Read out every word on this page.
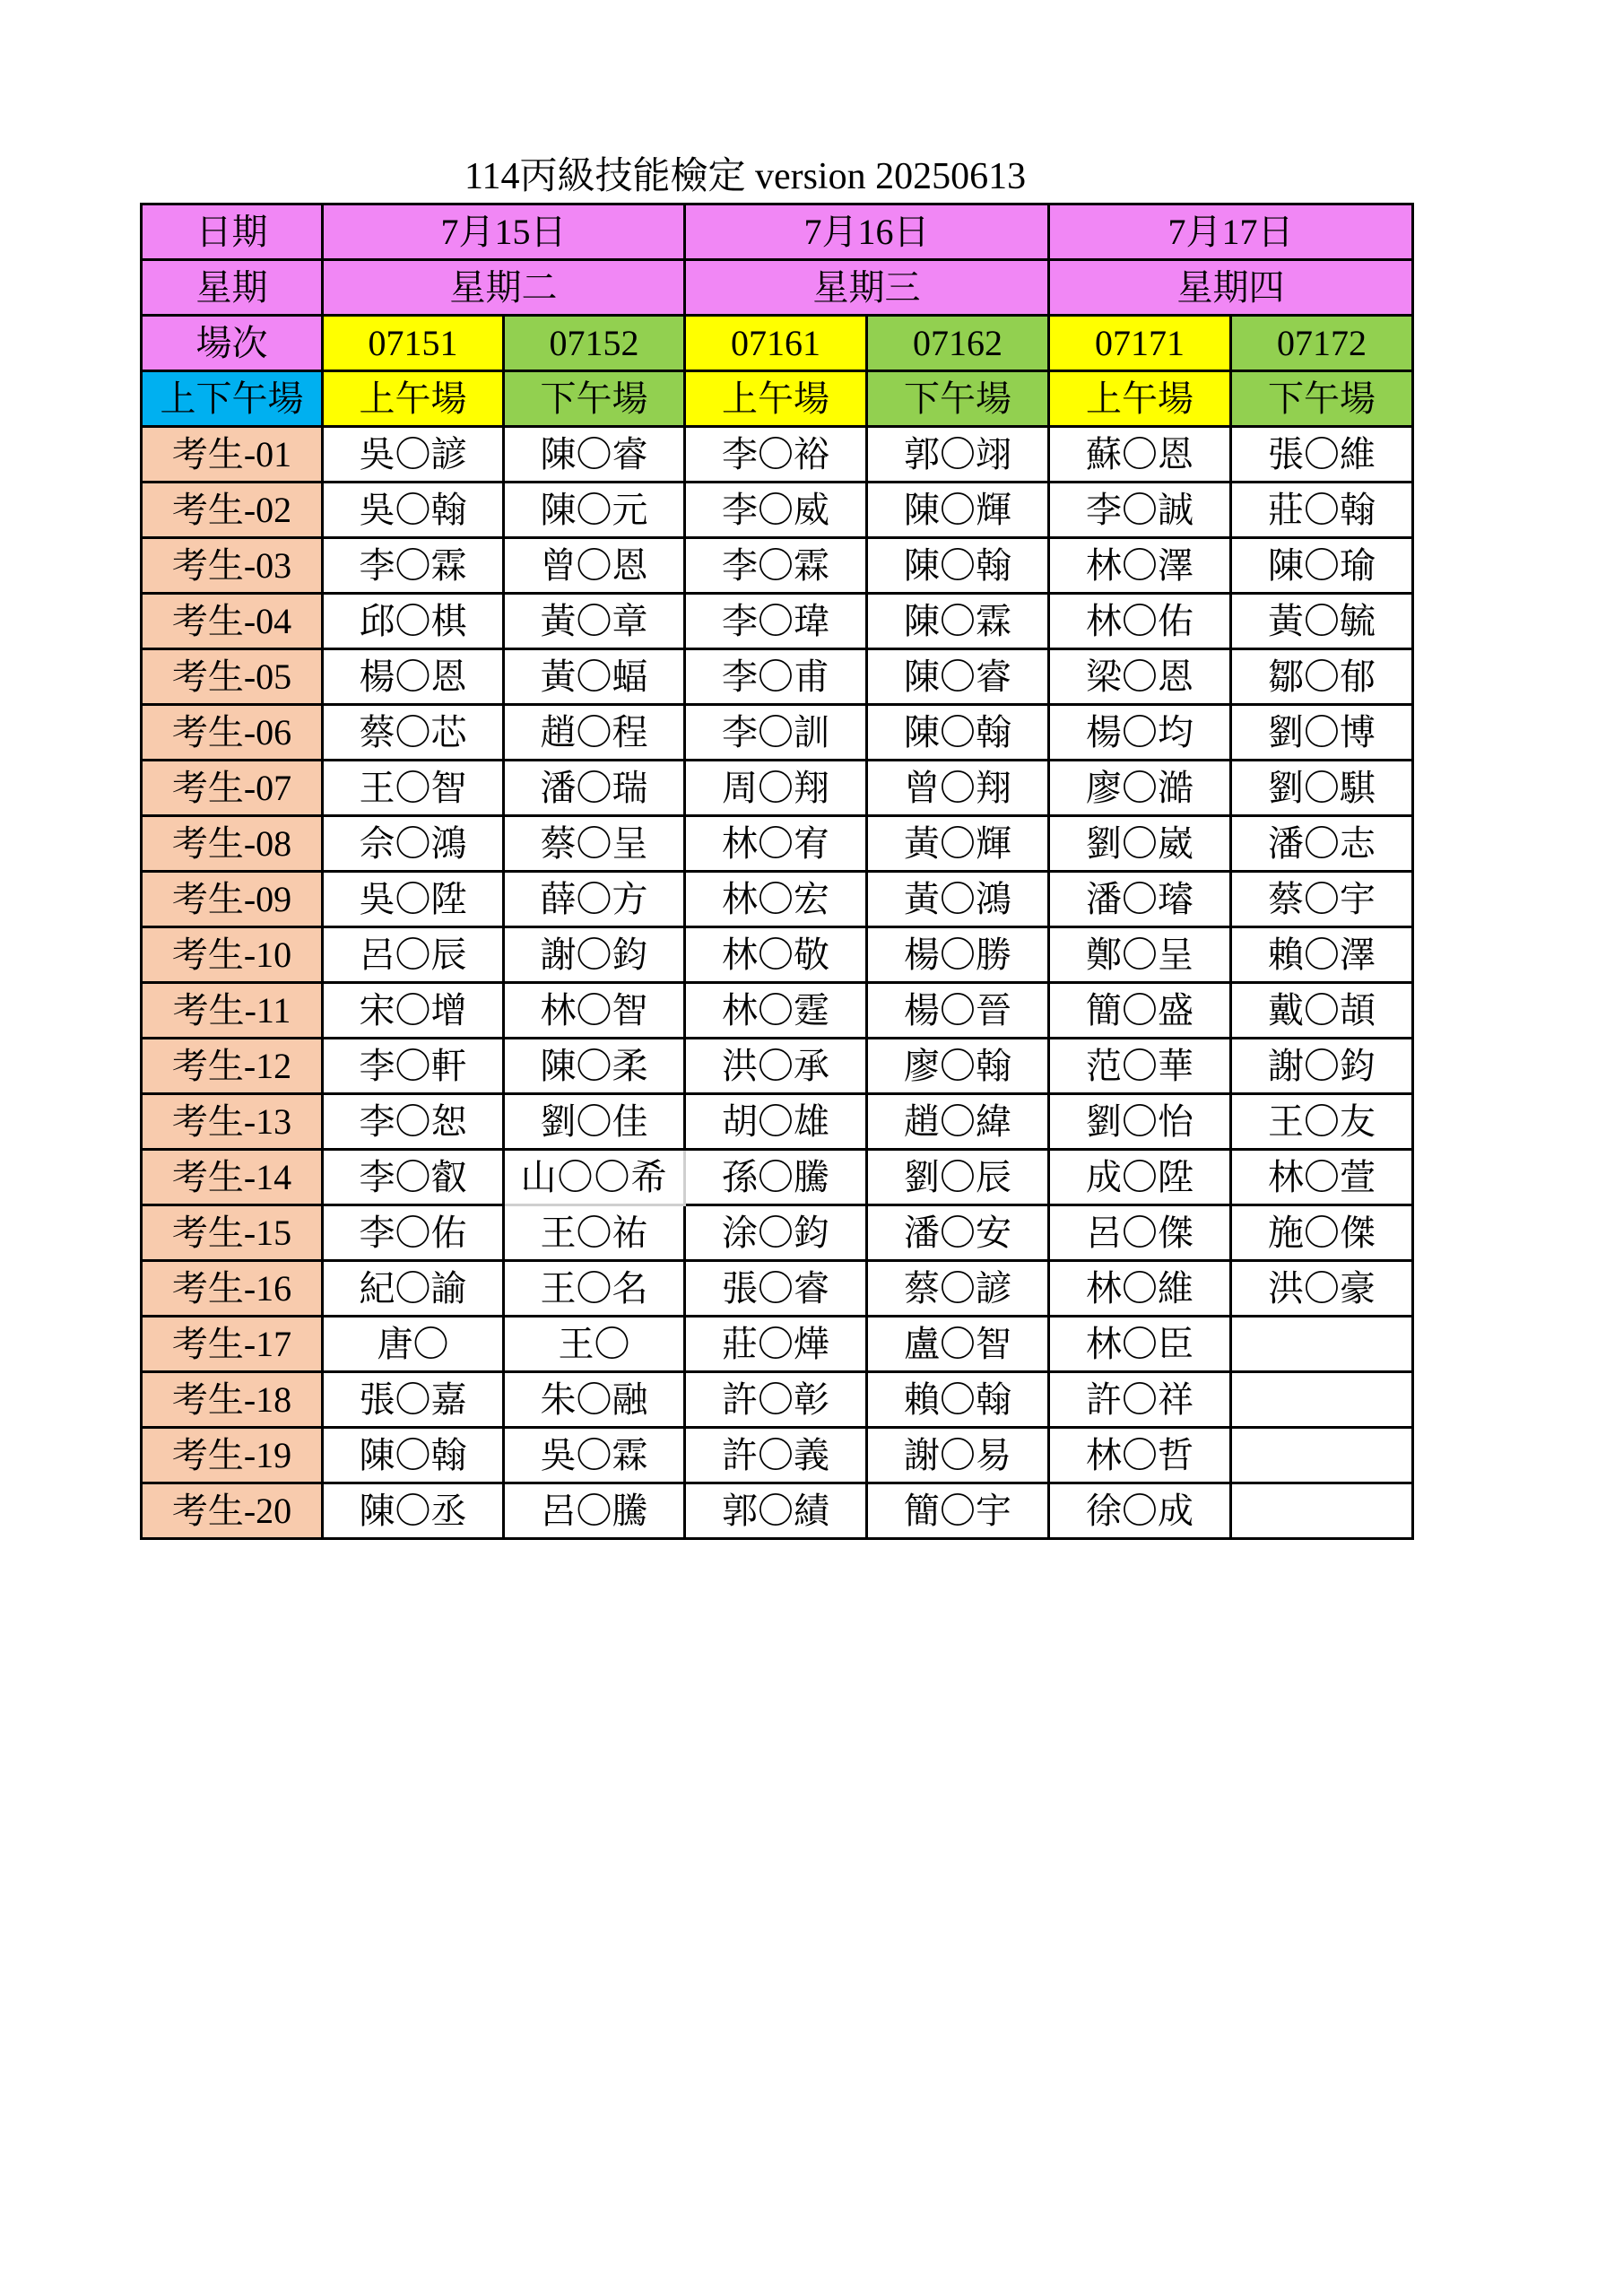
114丙級技能檢定 version 20250613
日期	7月15日		7月16日		7月17日	
星期	星期二		星期三		星期四	
場次	07151	07152	07161	07162	07171	07172
上下午場	上午場	下午場	上午場	下午場	上午場	下午場
考生-01	吳〇諺	陳〇睿	李〇裕	郭〇翊	蘇〇恩	張〇維
考生-02	吳〇翰	陳〇元	李〇威	陳〇輝	李〇誠	莊〇翰
考生-03	李〇霖	曾〇恩	李〇霖	陳〇翰	林〇澤	陳〇瑜
考生-04	邱〇棋	黃〇章	李〇瑋	陳〇霖	林〇佑	黃〇毓
考生-05	楊〇恩	黃〇蝠	李〇甫	陳〇睿	梁〇恩	鄒〇郁
考生-06	蔡〇芯	趙〇程	李〇訓	陳〇翰	楊〇均	劉〇博
考生-07	王〇智	潘〇瑞	周〇翔	曾〇翔	廖〇澔	劉〇騏
考生-08	佘〇鴻	蔡〇呈	林〇宥	黃〇輝	劉〇崴	潘〇志
考生-09	吳〇陞	薛〇方	林〇宏	黃〇鴻	潘〇璿	蔡〇宇
考生-10	呂〇辰	謝〇鈞	林〇敬	楊〇勝	鄭〇呈	賴〇澤
考生-11	宋〇增	林〇智	林〇霆	楊〇晉	簡〇盛	戴〇頡
考生-12	李〇軒	陳〇柔	洪〇承	廖〇翰	范〇華	謝〇鈞
考生-13	李〇恕	劉〇佳	胡〇雄	趙〇緯	劉〇怡	王〇友
考生-14	李〇叡	山〇〇希	孫〇騰	劉〇辰	成〇陞	林〇萱
考生-15	李〇佑	王〇祐	涂〇鈞	潘〇安	呂〇傑	施〇傑
考生-16	紀〇諭	王〇名	張〇睿	蔡〇諺	林〇維	洪〇豪
考生-17	唐〇	王〇	莊〇燁	盧〇智	林〇臣	
考生-18	張〇嘉	朱〇融	許〇彰	賴〇翰	許〇祥	
考生-19	陳〇翰	吳〇霖	許〇義	謝〇易	林〇哲	
考生-20	陳〇丞	呂〇騰	郭〇績	簡〇宇	徐〇成	
